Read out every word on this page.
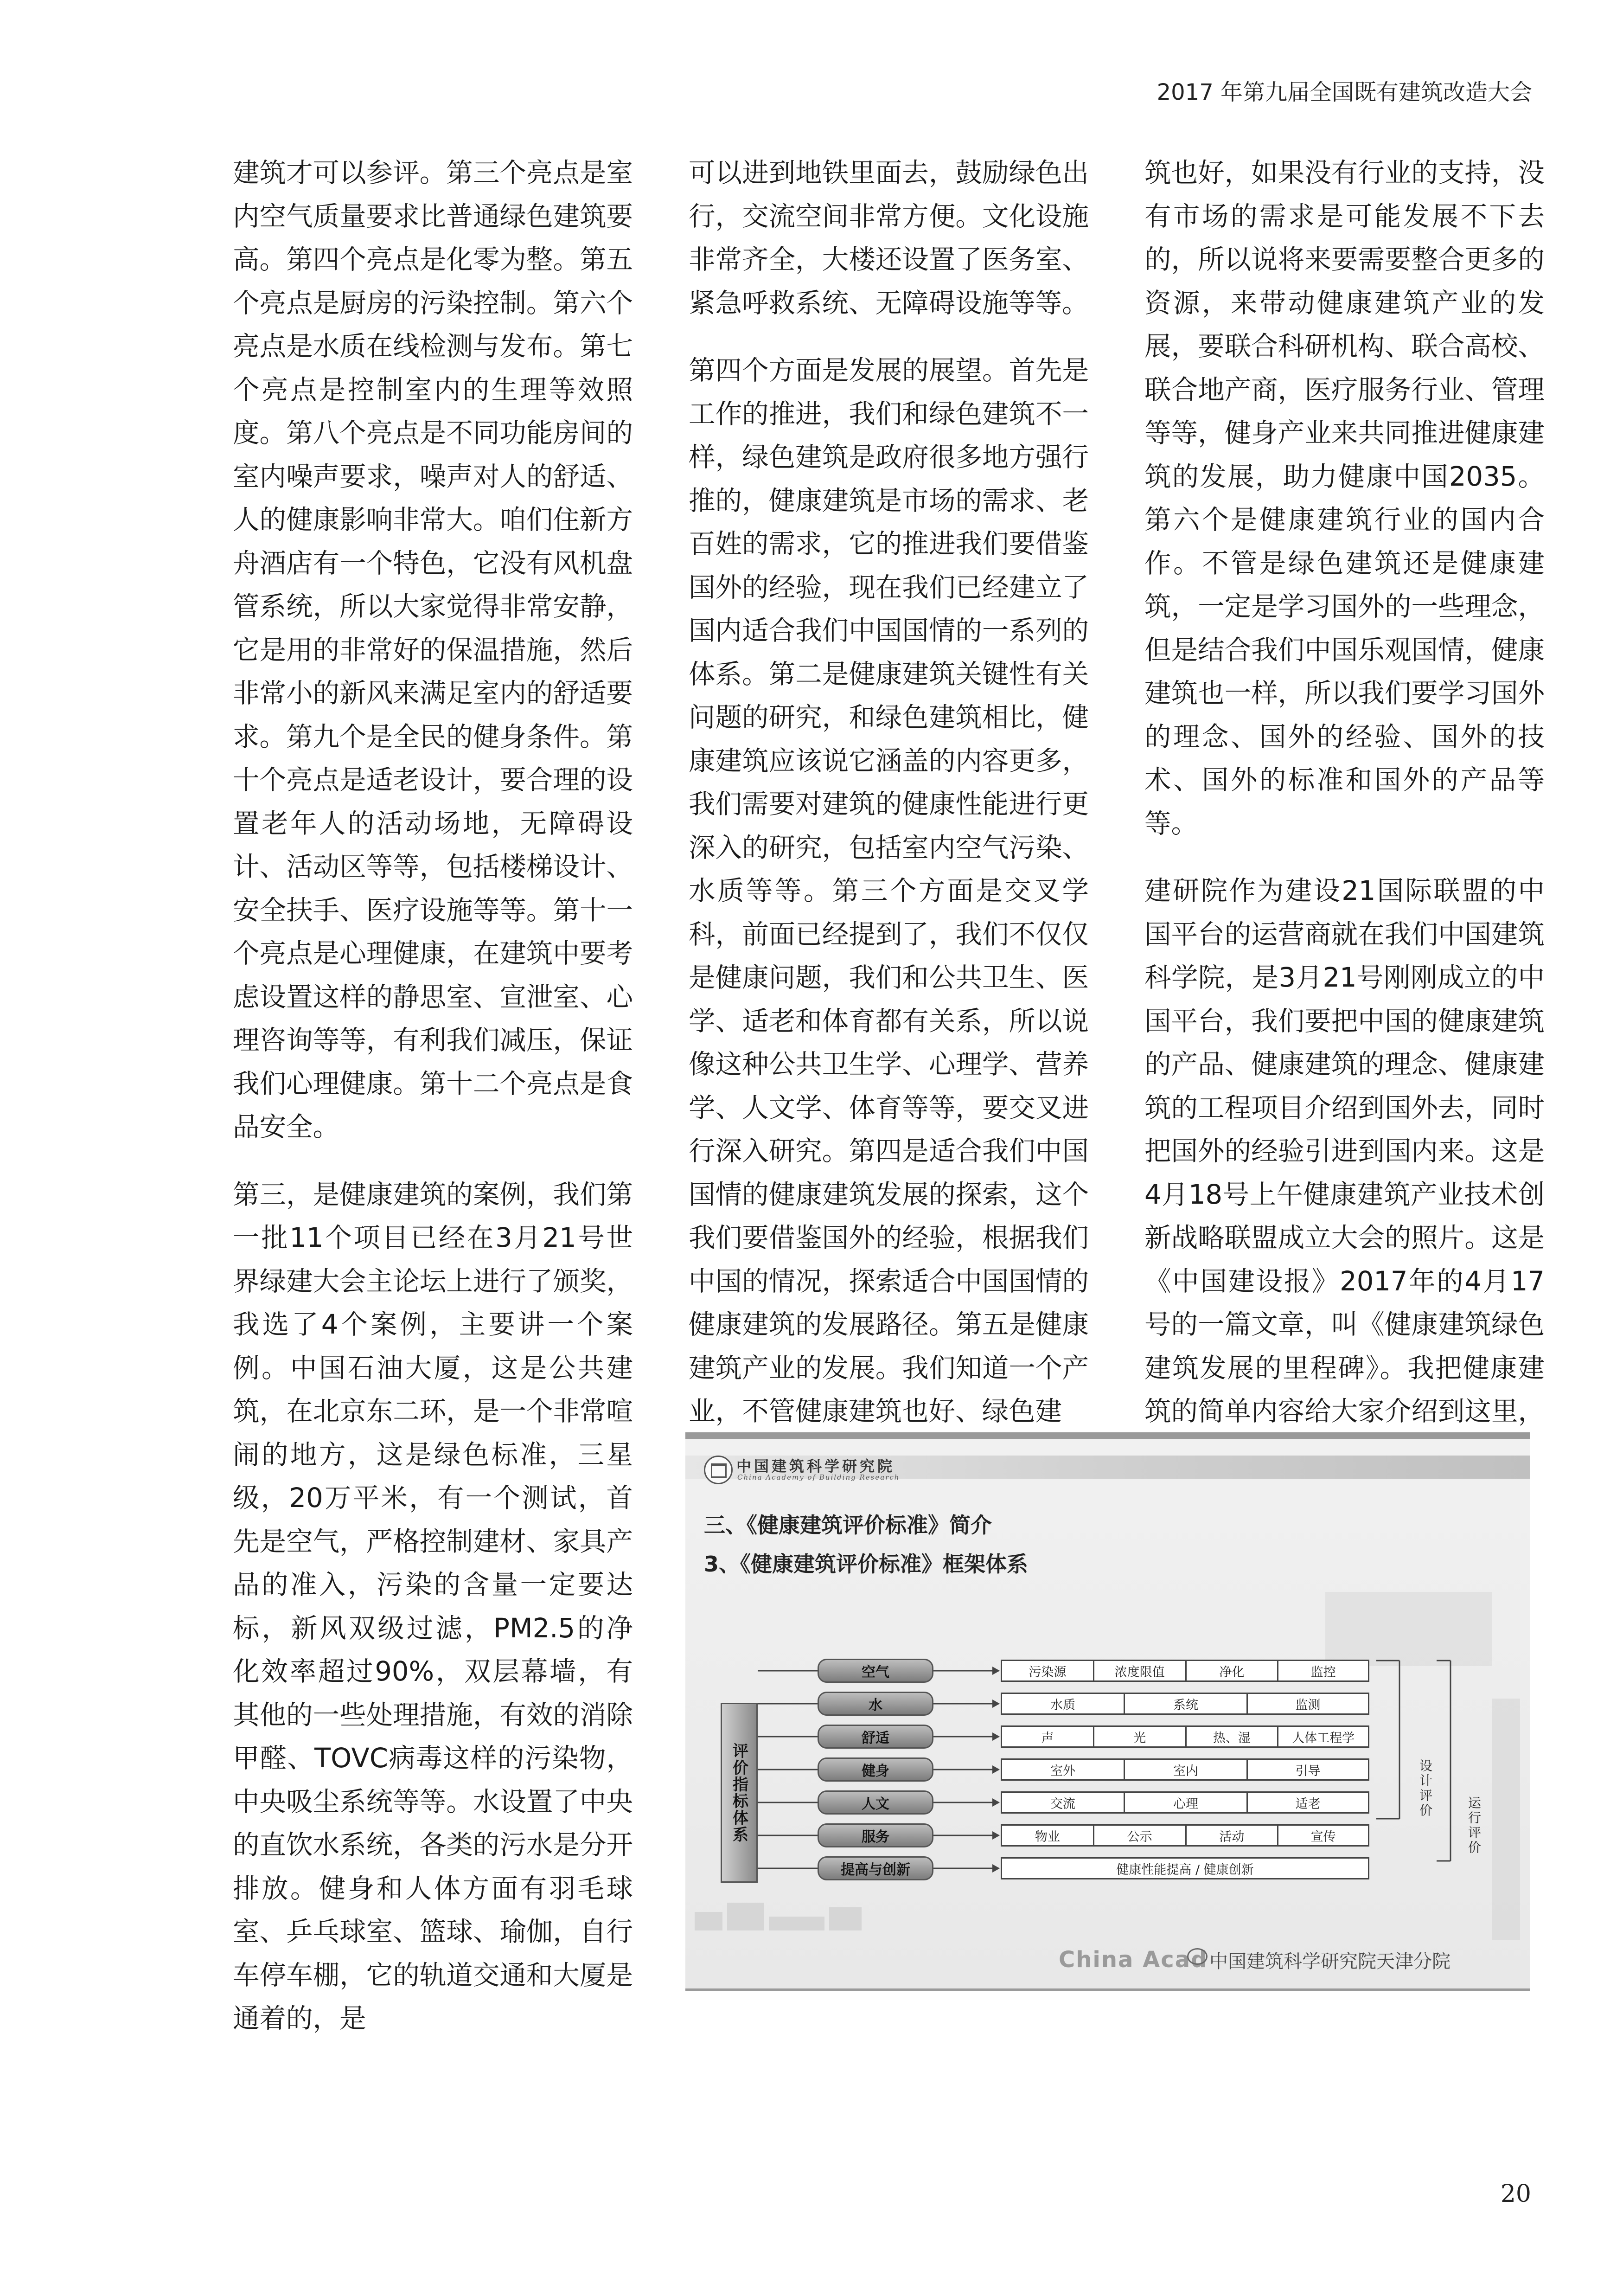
2017 年第九届全国既有建筑改造大会

建筑才可以参评。第三个亮点是室内空气质量要求比普通绿色建筑要高。第四个亮点是化零为整。第五个亮点是厨房的污染控制。第六个亮点是水质在线检测与发布。第七个亮点是控制室内的生理等效照度。第八个亮点是不同功能房间的室内噪声要求，噪声对人的舒适、人的健康影响非常大。咱们住新方舟酒店有一个特色，它没有风机盘管系统，所以大家觉得非常安静，它是用的非常好的保温措施，然后非常小的新风来满足室内的舒适要求。第九个是全民的健身条件。第十个亮点是适老设计，要合理的设置老年人的活动场地，无障碍设计、活动区等等，包括楼梯设计、安全扶手、医疗设施等等。第十一个亮点是心理健康，在建筑中要考虑设置这样的静思室、宣泄室、心理咨询等等，有利我们减压，保证我们心理健康。第十二个亮点是食品安全。

第三，是健康建筑的案例，我们第一批11个项目已经在3月21号世界绿建大会主论坛上进行了颁奖，我选了4个案例，主要讲一个案例。中国石油大厦，这是公共建筑，在北京东二环，是一个非常喧闹的地方，这是绿色标准，三星级，20万平米，有一个测试，首先是空气，严格控制建材、家具产品的准入，污染的含量一定要达标，新风双级过滤，PM2.5的净化效率超过90%，双层幕墙，有其他的一些处理措施，有效的消除甲醛、TOVC病毒这样的污染物，中央吸尘系统等等。水设置了中央的直饮水系统，各类的污水是分开排放。健身和人体方面有羽毛球室、乒乓球室、篮球、瑜伽，自行车停车棚，它的轨道交通和大厦是通着的，是

可以进到地铁里面去，鼓励绿色出行，交流空间非常方便。文化设施非常齐全，大楼还设置了医务室、紧急呼救系统、无障碍设施等等。

第四个方面是发展的展望。首先是工作的推进，我们和绿色建筑不一样，绿色建筑是政府很多地方强行推的，健康建筑是市场的需求、老百姓的需求，它的推进我们要借鉴国外的经验，现在我们已经建立了国内适合我们中国国情的一系列的体系。第二是健康建筑关键性有关问题的研究，和绿色建筑相比，健康建筑应该说它涵盖的内容更多，我们需要对建筑的健康性能进行更深入的研究，包括室内空气污染、水质等等。第三个方面是交叉学科，前面已经提到了，我们不仅仅是健康问题，我们和公共卫生、医学、适老和体育都有关系，所以说像这种公共卫生学、心理学、营养学、人文学、体育等等，要交叉进行深入研究。第四是适合我们中国国情的健康建筑发展的探索，这个我们要借鉴国外的经验，根据我们中国的情况，探索适合中国国情的健康建筑的发展路径。第五是健康建筑产业的发展。我们知道一个产业，不管健康建筑也好、绿色建

筑也好，如果没有行业的支持，没有市场的需求是可能发展不下去的，所以说将来要需要整合更多的资源，来带动健康建筑产业的发展，要联合科研机构、联合高校、联合地产商，医疗服务行业、管理等等，健身产业来共同推进健康建筑的发展，助力健康中国2035。第六个是健康建筑行业的国内合作。不管是绿色建筑还是健康建筑，一定是学习国外的一些理念，但是结合我们中国乐观国情，健康建筑也一样，所以我们要学习国外的理念、国外的经验、国外的技术、国外的标准和国外的产品等等。

建研院作为建设21国际联盟的中国平台的运营商就在我们中国建筑科学院，是3月21号刚刚成立的中国平台，我们要把中国的健康建筑的产品、健康建筑的理念、健康建筑的工程项目介绍到国外去，同时把国外的经验引进到国内来。这是4月18号上午健康建筑产业技术创新战略联盟成立大会的照片。这是《中国建设报》2017年的4月17号的一篇文章，叫《健康建筑绿色建筑发展的里程碑》。我把健康建筑的简单内容给大家介绍到这里，

中国建筑科学研究院
China Academy of Building Research
三、《健康建筑评价标准》简介
3、《健康建筑评价标准》框架体系
评价指标体系
空气	污染源	浓度限值	净化	监控
水	水质	系统	监测
舒适	声	光	热、湿	人体工程学
健身	室外	室内	引导
人文	交流	心理	适老
服务	物业	公示	活动	宣传
提高与创新	健康性能提高 / 健康创新
设计评价
运行评价
China Acad 中国建筑科学研究院天津分院
20
